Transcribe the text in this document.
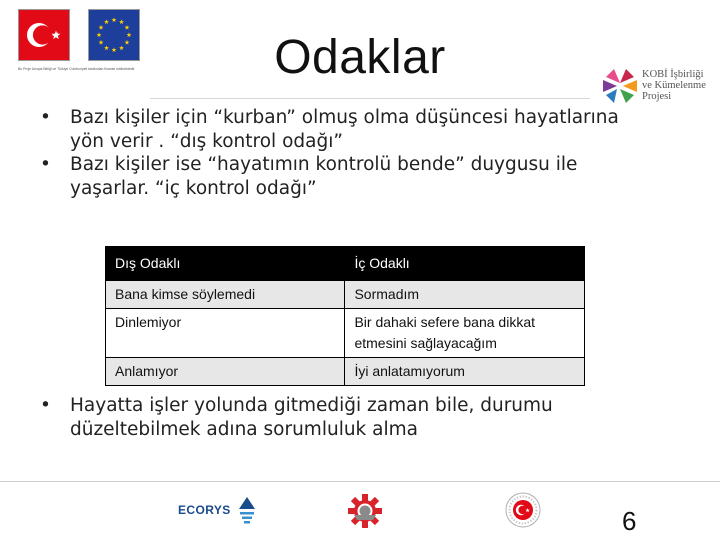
Bu Proje Avrupa Birliği ve Türkiye Cumhuriyeti tarafından finanse edilmektedir	Odaklar	KOBİ İşbirliği
ve Kümelenme
Projesi
• Bazı kişiler için “kurban” olmuş olma düşüncesi hayatlarına yön verir . “dış kontrol odağı”
• Bazı kişiler ise “hayatımın kontrolü bende” duygusu ile yaşarlar. “iç kontrol odağı”
Dış Odaklı	İç Odaklı
Bana kimse söylemedi	Sormadım
Dinlemiyor	Bir dahaki sefere bana dikkat etmesini sağlayacağım
Anlamıyor	İyi anlatamıyorum
• Hayatta işler yolunda gitmediği zaman bile, durumu düzeltebilmek adına sorumluluk alma
ECORYS	6
